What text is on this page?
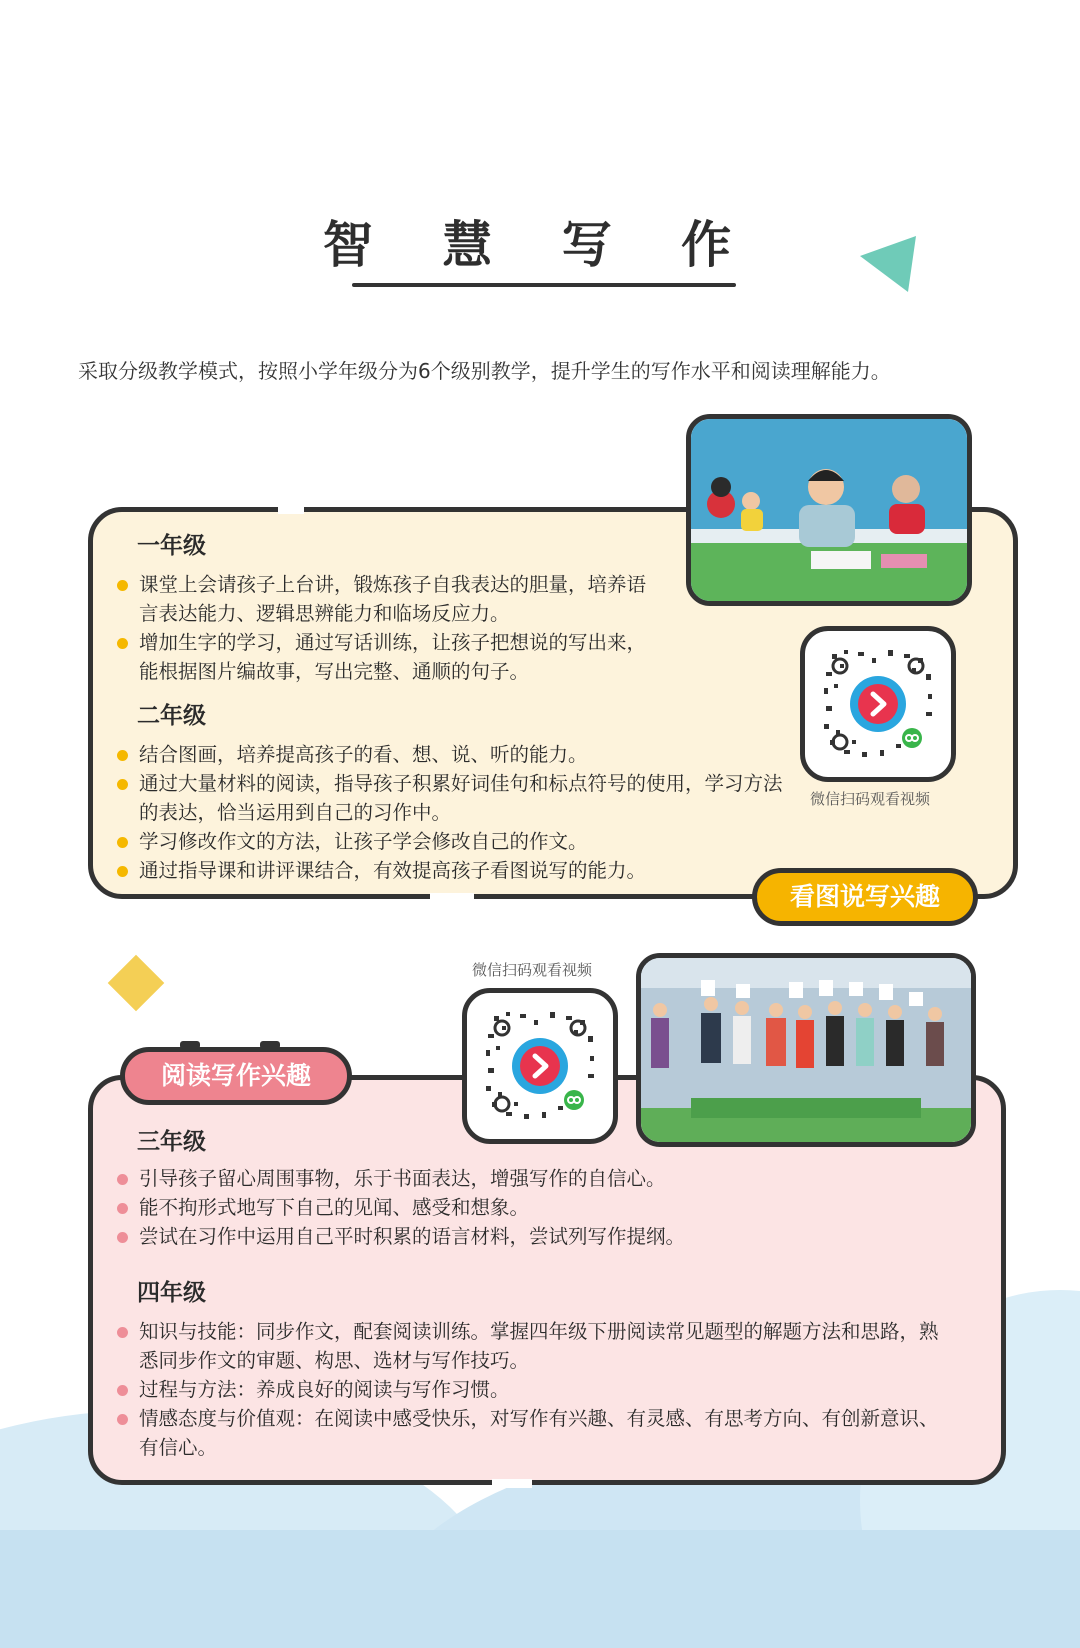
智 慧 写 作
采取分级教学模式，按照小学年级分为6个级别教学，提升学生的写作水平和阅读理解能力。
一年级
课堂上会请孩子上台讲，锻炼孩子自我表达的胆量，培养语言表达能力、逻辑思辨能力和临场反应力。
增加生字的学习，通过写话训练，让孩子把想说的写出来，能根据图片编故事，写出完整、通顺的句子。
二年级
结合图画，培养提高孩子的看、想、说、听的能力。
通过大量材料的阅读，指导孩子积累好词佳句和标点符号的使用，学习方法的表达，恰当运用到自己的习作中。
学习修改作文的方法，让孩子学会修改自己的作文。
通过指导课和讲评课结合，有效提高孩子看图说写的能力。
微信扫码观看视频
看图说写兴趣
阅读写作兴趣
微信扫码观看视频
三年级
引导孩子留心周围事物，乐于书面表达，增强写作的自信心。
能不拘形式地写下自己的见闻、感受和想象。
尝试在习作中运用自己平时积累的语言材料，尝试列写作提纲。
四年级
知识与技能：同步作文，配套阅读训练。掌握四年级下册阅读常见题型的解题方法和思路，熟悉同步作文的审题、构思、选材与写作技巧。
过程与方法：养成良好的阅读与写作习惯。
情感态度与价值观：在阅读中感受快乐，对写作有兴趣、有灵感、有思考方向、有创新意识、有信心。
